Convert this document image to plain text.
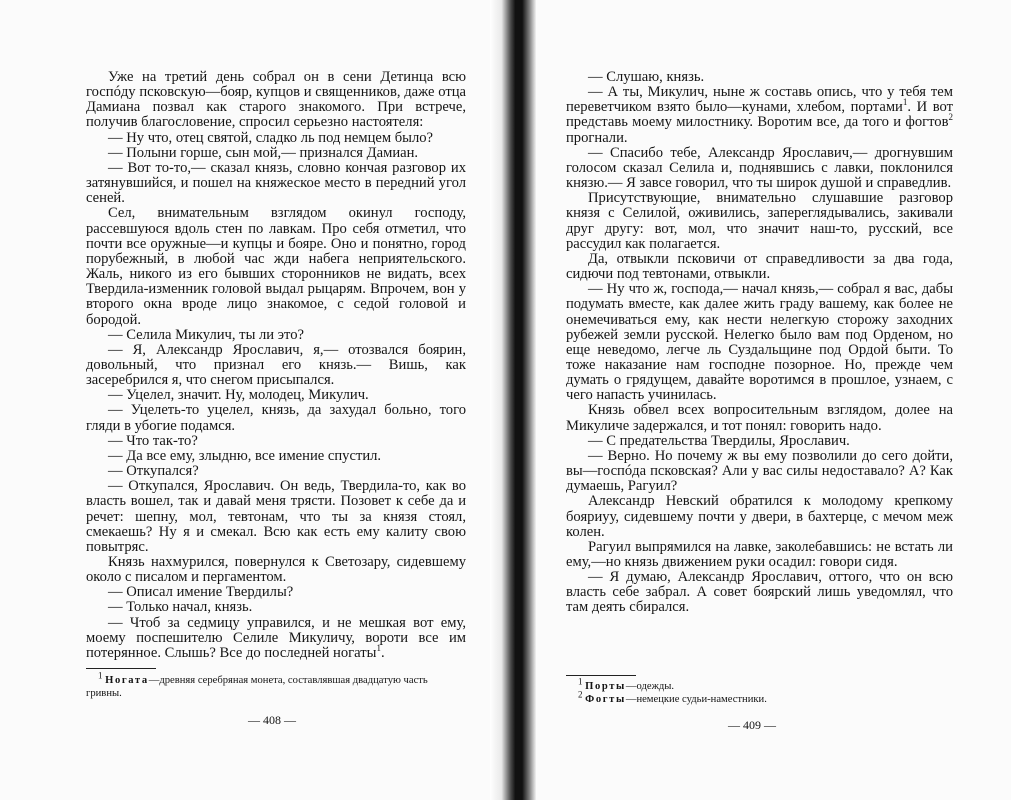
Уже на третий день собрал он в сени Детинца всю госпóду псковскую—бояр, купцов и священников, даже отца Дамиана позвал как старого знакомого. При встрече, получив благословение, спросил серьезно настоятеля:

— Ну что, отец святой, сладко ль под немцем было?

— Полыни горше, сын мой,— признался Дамиан.

— Вот то-то,— сказал князь, словно кончая разговор их затянувшийся, и пошел на княжеское место в передний угол сеней.

Сел, внимательным взглядом окинул господу, рассевшуюся вдоль стен по лавкам. Про себя отметил, что почти все оружные—и купцы и бояре. Оно и понятно, город порубежный, в любой час жди набега неприятельского. Жаль, никого из его бывших сторонников не видать, всех Твердила-изменник головой выдал рыцарям. Впрочем, вон у второго окна вроде лицо знакомое, с седой головой и бородой.

— Селила Микулич, ты ли это?

— Я, Александр Ярославич, я,— отозвался боярин, довольный, что признал его князь.— Вишь, как засеребрился я, что снегом присыпался.

— Уцелел, значит. Ну, молодец, Микулич.

— Уцелеть-то уцелел, князь, да захудал больно, того гляди в убогие подамся.

— Что так-то?

— Да все ему, злыдню, все имение спустил.

— Откупался?

— Откупался, Ярославич. Он ведь, Твердила-то, как во власть вошел, так и давай меня трясти. Позовет к себе да и речет: шепну, мол, тевтонам, что ты за князя стоял, смекаешь? Ну я и смекал. Всю как есть ему калиту свою повытряс.

Князь нахмурился, повернулся к Светозару, сидевшему около с писалом и пергаментом.

— Описал имение Твердилы?

— Только начал, князь.

— Чтоб за седмицу управился, и не мешкая вот ему, моему поспешителю Селиле Микуличу, вороти все им потерянное. Слышь? Все до последней ногаты$^1$.

$^1$ Ногата—древняя серебряная монета, составлявшая двадцатую часть гривны.

— 408 —

— Слушаю, князь.

— А ты, Микулич, ныне ж составь опись, что у тебя тем переветчиком взято было—кунами, хлебом, портами$^1$. И вот представь моему милостнику. Воротим все, да того и фогтов$^2$ прогнали.

— Спасибо тебе, Александр Ярославич,— дрогнувшим голосом сказал Селила и, поднявшись с лавки, поклонился князю.— Я завсе говорил, что ты широк душой и справедлив.

Присутствующие, внимательно слушавшие разговор князя с Селилой, оживились, запереглядывались, закивали друг другу: вот, мол, что значит наш-то, русский, все рассудил как полагается.

Да, отвыкли псковичи от справедливости за два года, сидючи под тевтонами, отвыкли.

— Ну что ж, господа,— начал князь,— собрал я вас, дабы подумать вместе, как далее жить граду вашему, как более не онемечиваться ему, как нести нелегкую сторожу заходних рубежей земли русской. Нелегко было вам под Орденом, но еще неведомо, легче ль Суздальщине под Ордой быти. То тоже наказание нам господне позорное. Но, прежде чем думать о грядущем, давайте воротимся в прошлое, узнаем, с чего напасть учинилась.

Князь обвел всех вопросительным взглядом, долее на Микуличе задержался, и тот понял: говорить надо.

— С предательства Твердилы, Ярославич.

— Верно. Но почему ж вы ему позволили до сего дойти, вы—госпóда псковская? Али у вас силы недоставало? А? Как думаешь, Рагуил?

Александр Невский обратился к молодому крепкому бояриyу, сидевшему почти у двери, в бахтерце, с мечом меж колен.

Рагуил выпрямился на лавке, заколебавшись: не встать ли ему,—но князь движением руки осадил: говори сидя.

— Я думаю, Александр Ярославич, оттого, что он всю власть себе забрал. А совет боярский лишь уведомлял, что там деять сбирался.

$^1$ Порты—одежды.

$^2$ Фогты—немецкие судьи-наместники.

— 409 —
